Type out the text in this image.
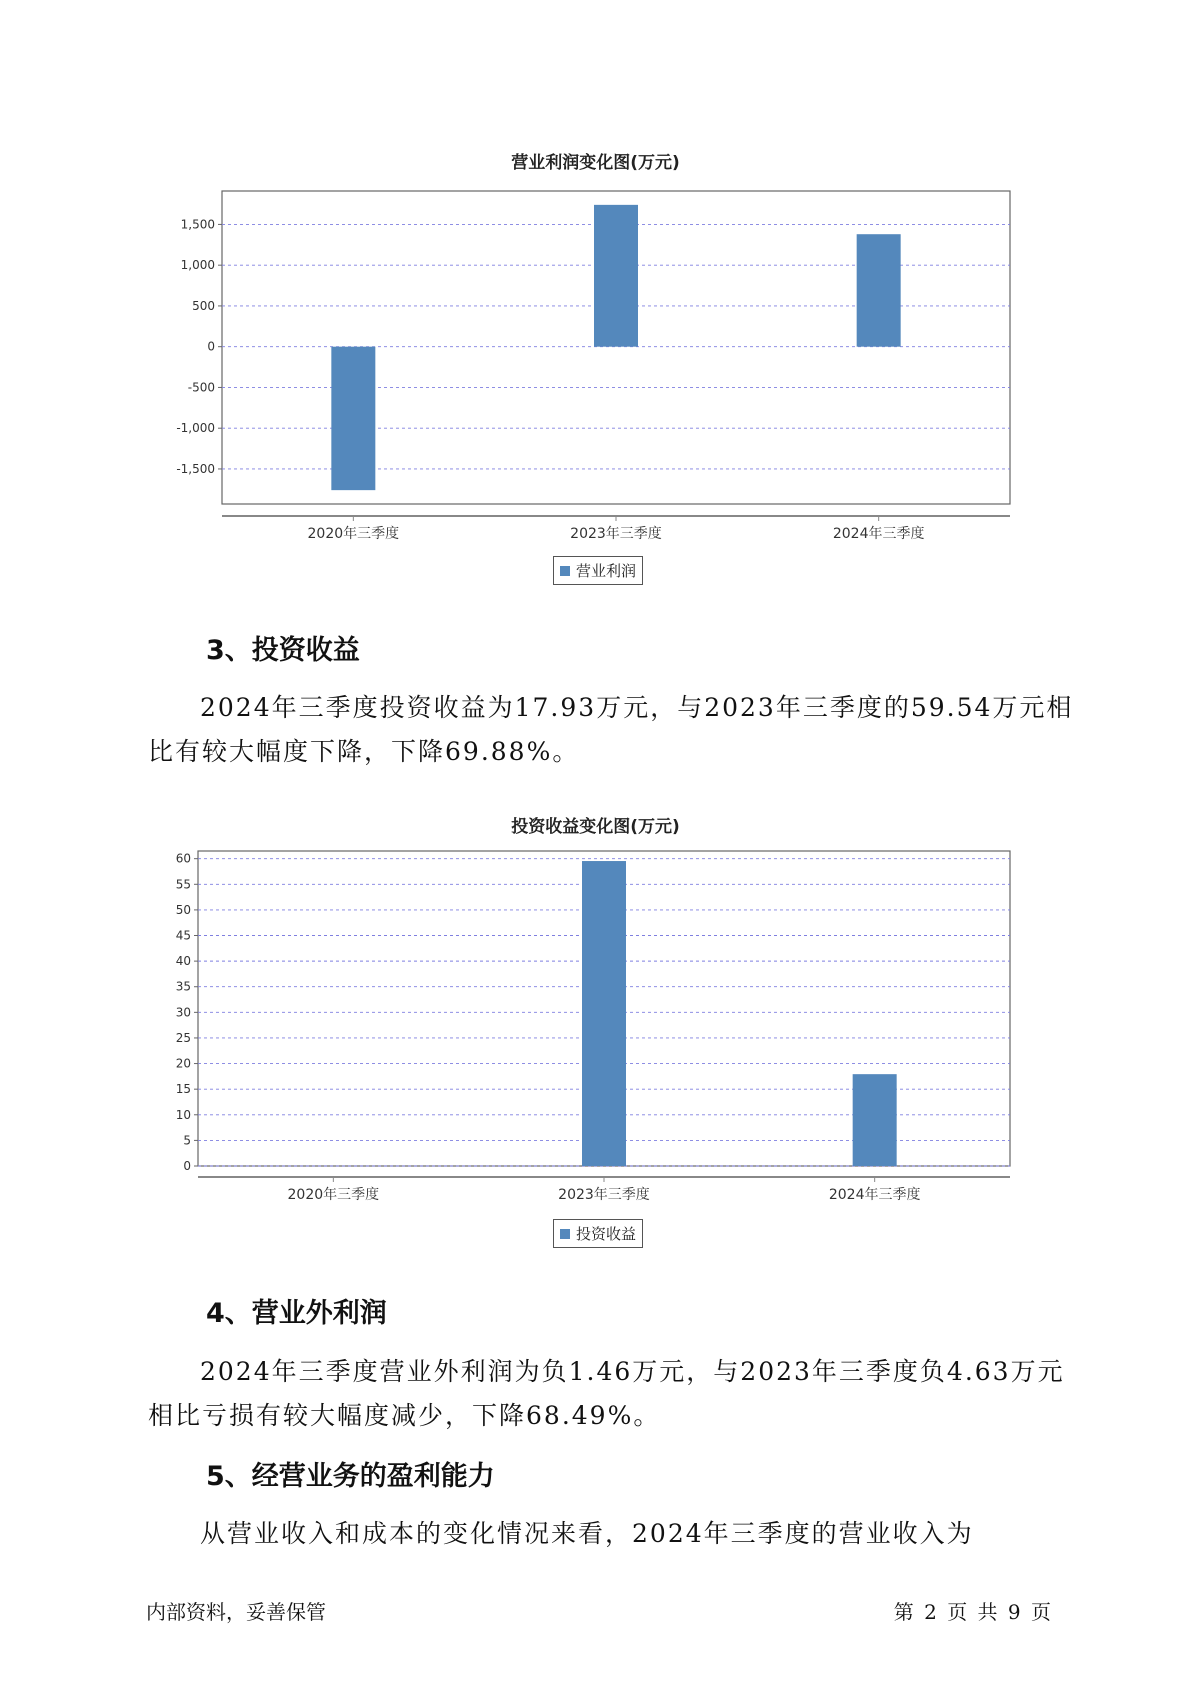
营业利润变化图(万元)
1,500
1,000
500
0
-500
-1,000
-1,500
2020年三季度	2023年三季度	2024年三季度
营业利润
3、投资收益
2024年三季度投资收益为17.93万元，与2023年三季度的59.54万元相
比有较大幅度下降，下降69.88%。
投资收益变化图(万元)
60
55
50
45
40
35
30
25
20
15
10
5
0
2020年三季度	2023年三季度	2024年三季度
投资收益
4、营业外利润
2024年三季度营业外利润为负1.46万元，与2023年三季度负4.63万元
相比亏损有较大幅度减少，下降68.49%。
5、经营业务的盈利能力
从营业收入和成本的变化情况来看，2024年三季度的营业收入为
内部资料，妥善保管	第 2 页 共 9 页
